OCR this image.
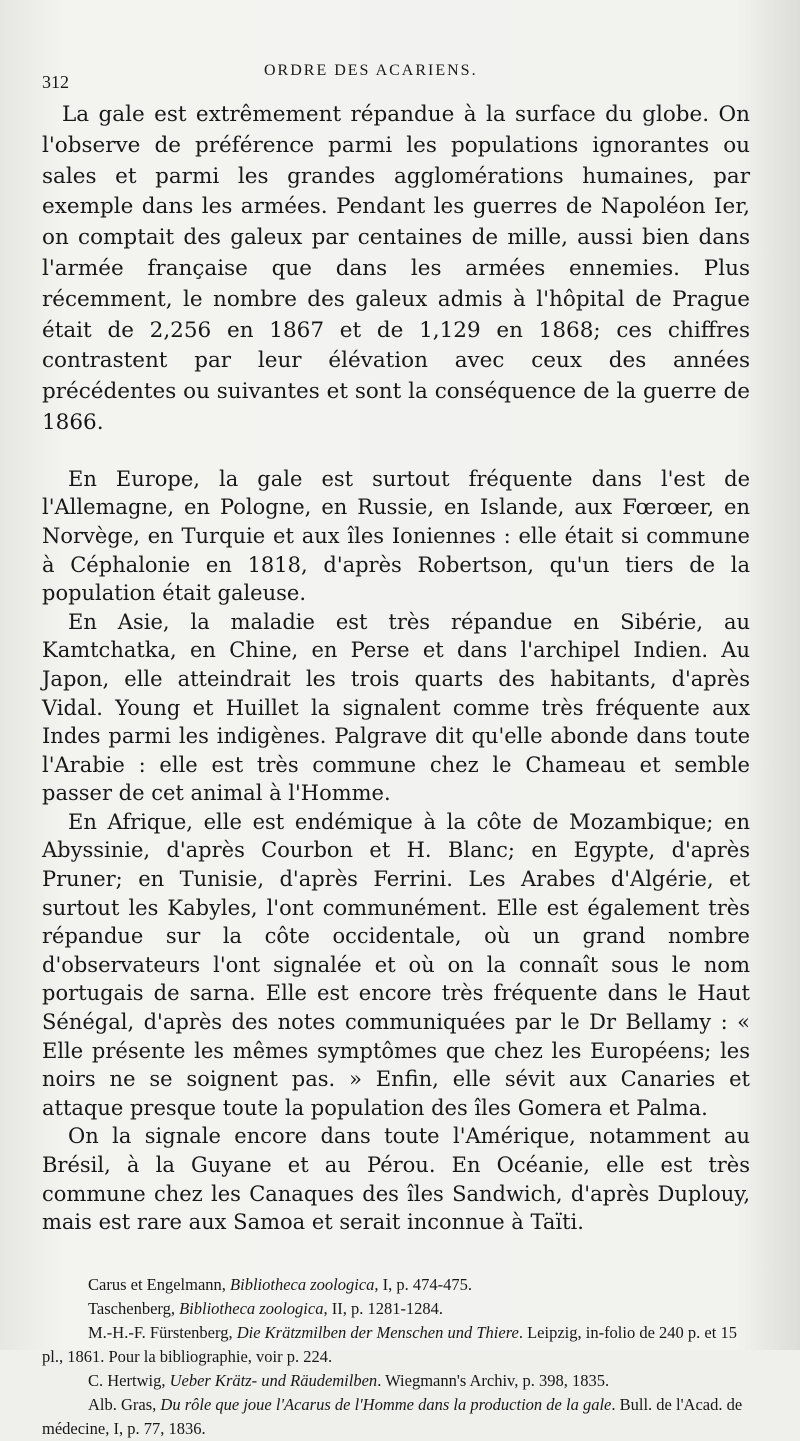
312
ORDRE DES ACARIENS.

La gale est extrêmement répandue à la surface du globe. On l'observe de préférence parmi les populations ignorantes ou sales et parmi les grandes agglomérations humaines, par exemple dans les armées. Pendant les guerres de Napoléon Ier, on comptait des galeux par centaines de mille, aussi bien dans l'armée française que dans les armées ennemies. Plus récemment, le nombre des galeux admis à l'hôpital de Prague était de 2,256 en 1867 et de 1,129 en 1868; ces chiffres contrastent par leur élévation avec ceux des années précédentes ou suivantes et sont la conséquence de la guerre de 1866.

En Europe, la gale est surtout fréquente dans l'est de l'Allemagne, en Pologne, en Russie, en Islande, aux Fœrœer, en Norvège, en Turquie et aux îles Ioniennes : elle était si commune à Céphalonie en 1818, d'après Robertson, qu'un tiers de la population était galeuse.

En Asie, la maladie est très répandue en Sibérie, au Kamtchatka, en Chine, en Perse et dans l'archipel Indien. Au Japon, elle atteindrait les trois quarts des habitants, d'après Vidal. Young et Huillet la signalent comme très fréquente aux Indes parmi les indigènes. Palgrave dit qu'elle abonde dans toute l'Arabie : elle est très commune chez le Chameau et semble passer de cet animal à l'Homme.

En Afrique, elle est endémique à la côte de Mozambique; en Abyssinie, d'après Courbon et H. Blanc; en Egypte, d'après Pruner; en Tunisie, d'après Ferrini. Les Arabes d'Algérie, et surtout les Kabyles, l'ont communément. Elle est également très répandue sur la côte occidentale, où un grand nombre d'observateurs l'ont signalée et où on la connaît sous le nom portugais de sarna. Elle est encore très fréquente dans le Haut Sénégal, d'après des notes communiquées par le Dr Bellamy : « Elle présente les mêmes symptômes que chez les Européens; les noirs ne se soignent pas. » Enfin, elle sévit aux Canaries et attaque presque toute la population des îles Gomera et Palma.

On la signale encore dans toute l'Amérique, notamment au Brésil, à la Guyane et au Pérou. En Océanie, elle est très commune chez les Canaques des îles Sandwich, d'après Duplouy, mais est rare aux Samoa et serait inconnue à Taïti.

Carus et Engelmann, Bibliotheca zoologica, I, p. 474-475.

Taschenberg, Bibliotheca zoologica, II, p. 1281-1284.

M.-H.-F. Fürstenberg, Die Krätzmilben der Menschen und Thiere. Leipzig, in-folio de 240 p. et 15 pl., 1861. Pour la bibliographie, voir p. 224.

C. Hertwig, Ueber Krätz- und Räudemilben. Wiegmann's Archiv, p. 398, 1835.

Alb. Gras, Du rôle que joue l'Acarus de l'Homme dans la production de la gale. Bull. de l'Acad. de médecine, I, p. 77, 1836.
